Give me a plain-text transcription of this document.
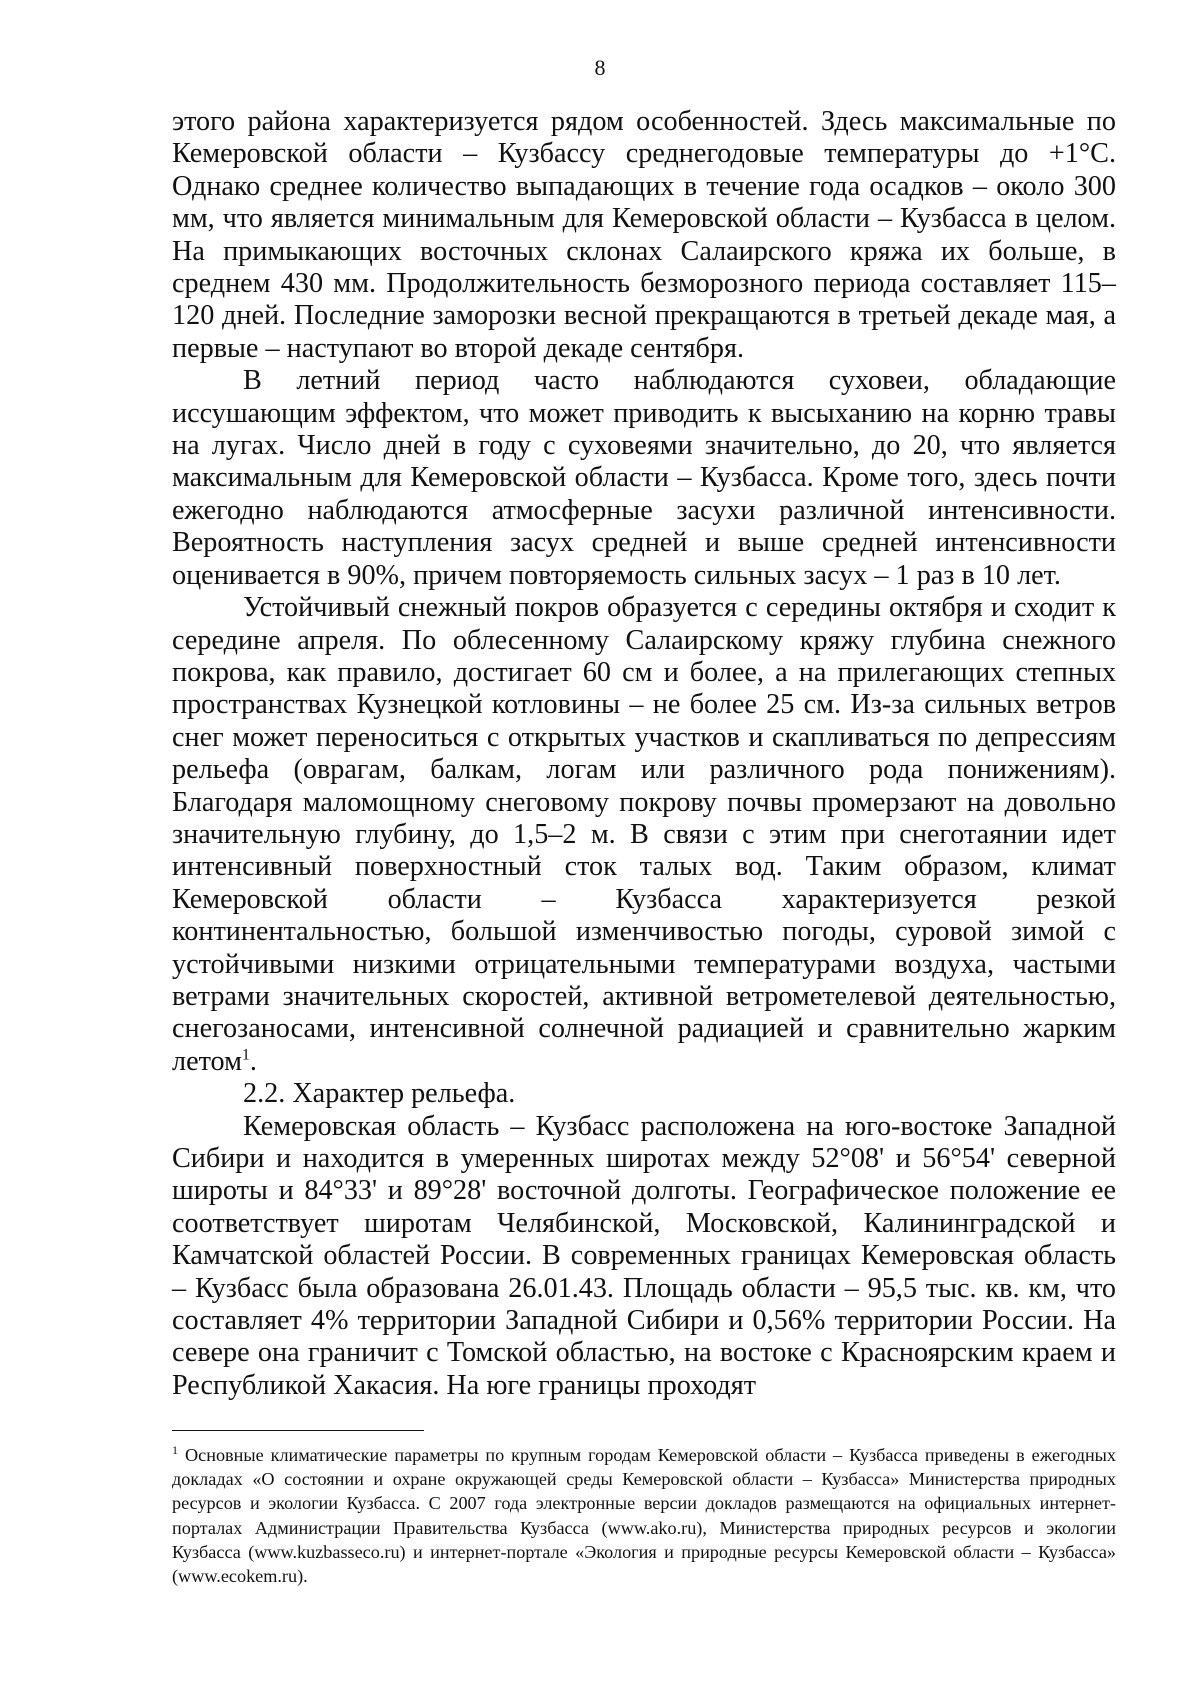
8

этого района характеризуется рядом особенностей. Здесь максимальные по Кемеровской области – Кузбассу среднегодовые температуры до +1°С. Однако среднее количество выпадающих в течение года осадков – около 300 мм, что является минимальным для Кемеровской области – Кузбасса в целом. На примыкающих восточных склонах Салаирского кряжа их больше, в среднем 430 мм. Продолжительность безморозного периода составляет 115–120 дней. Последние заморозки весной прекращаются в третьей декаде мая, а первые – наступают во второй декаде сентября.

В летний период часто наблюдаются суховеи, обладающие иссушающим эффектом, что может приводить к высыханию на корню травы на лугах. Число дней в году с суховеями значительно, до 20, что является максимальным для Кемеровской области – Кузбасса. Кроме того, здесь почти ежегодно наблюдаются атмосферные засухи различной интенсивности. Вероятность наступления засух средней и выше средней интенсивности оценивается в 90%, причем повторяемость сильных засух – 1 раз в 10 лет.

Устойчивый снежный покров образуется с середины октября и сходит к середине апреля. По облесенному Салаирскому кряжу глубина снежного покрова, как правило, достигает 60 см и более, а на прилегающих степных пространствах Кузнецкой котловины – не более 25 см. Из-за сильных ветров снег может переноситься с открытых участков и скапливаться по депрессиям рельефа (оврагам, балкам, логам или различного рода понижениям). Благодаря маломощному снеговому покрову почвы промерзают на довольно значительную глубину, до 1,5–2 м. В связи с этим при снеготаянии идет интенсивный поверхностный сток талых вод. Таким образом, климат Кемеровской области – Кузбасса характеризуется резкой континентальностью, большой изменчивостью погоды, суровой зимой с устойчивыми низкими отрицательными температурами воздуха, частыми ветрами значительных скоростей, активной ветрометелевой деятельностью, снегозаносами, интенсивной солнечной радиацией и сравнительно жарким летом$^1$.

2.2. Характер рельефа.

Кемеровская область – Кузбасс расположена на юго-востоке Западной Сибири и находится в умеренных широтах между 52°08' и 56°54' северной широты и 84°33' и 89°28' восточной долготы. Географическое положение ее соответствует широтам Челябинской, Московской, Калининградской и Камчатской областей России. В современных границах Кемеровская область – Кузбасс была образована 26.01.43. Площадь области – 95,5 тыс. кв. км, что составляет 4% территории Западной Сибири и 0,56% территории России. На севере она граничит с Томской областью, на востоке с Красноярским краем и Республикой Хакасия. На юге границы проходят

$^1$ Основные климатические параметры по крупным городам Кемеровской области – Кузбасса приведены в ежегодных докладах «О состоянии и охране окружающей среды Кемеровской области – Кузбасса» Министерства природных ресурсов и экологии Кузбасса. С 2007 года электронные версии докладов размещаются на официальных интернет-порталах Администрации Правительства Кузбасса (www.ako.ru), Министерства природных ресурсов и экологии Кузбасса (www.kuzbasseco.ru) и интернет-портале «Экология и природные ресурсы Кемеровской области – Кузбасса» (www.ecokem.ru).
